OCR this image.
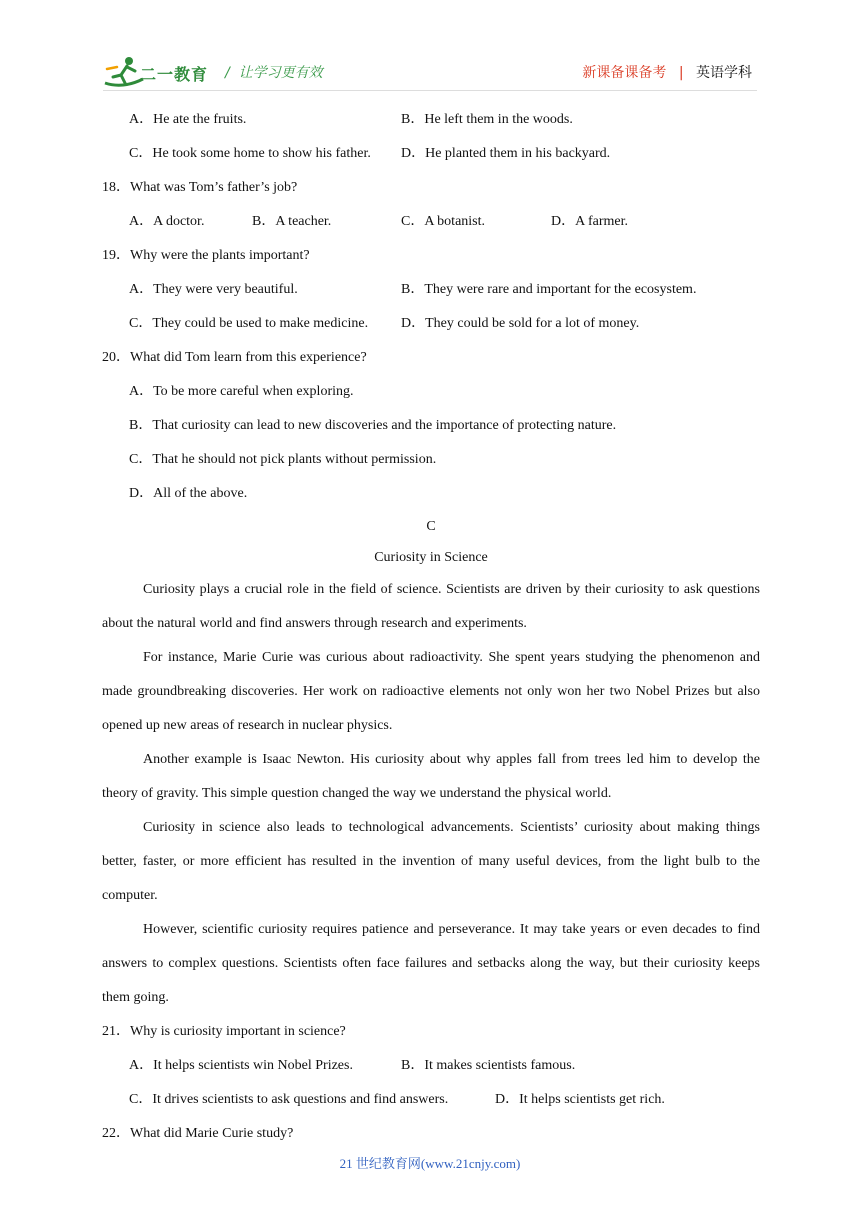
二一教育 /  让学习更有效	新课备课备考 | 英语学科
A．He ate the fruits.	B．He left them in the woods.
C．He took some home to show his father. D．He planted them in his backyard.
18．What was Tom’s father’s job?
A．A doctor.	B．A teacher.	C．A botanist.	D．A farmer.
19．Why were the plants important?
A．They were very beautiful.	B．They were rare and important for the ecosystem.
C．They could be used to make medicine. D．They could be sold for a lot of money.
20．What did Tom learn from this experience?
A．To be more careful when exploring.
B．That curiosity can lead to new discoveries and the importance of protecting nature.
C．That he should not pick plants without permission.
D．All of the above.
C
Curiosity in Science

Curiosity plays a crucial role in the field of science. Scientists are driven by their curiosity to ask questions about the natural world and find answers through research and experiments.

For instance, Marie Curie was curious about radioactivity. She spent years studying the phenomenon and made groundbreaking discoveries. Her work on radioactive elements not only won her two Nobel Prizes but also opened up new areas of research in nuclear physics.

Another example is Isaac Newton. His curiosity about why apples fall from trees led him to develop the theory of gravity. This simple question changed the way we understand the physical world.

Curiosity in science also leads to technological advancements. Scientists’ curiosity about making things better, faster, or more efficient has resulted in the invention of many useful devices, from the light bulb to the computer.

However, scientific curiosity requires patience and perseverance. It may take years or even decades to find answers to complex questions. Scientists often face failures and setbacks along the way, but their curiosity keeps them going.

21．Why is curiosity important in science?
A．It helps scientists win Nobel Prizes.	B．It makes scientists famous.
C．It drives scientists to ask questions and find answers.	D．It helps scientists get rich.
22．What did Marie Curie study?
21 世纪教育网(www.21cnjy.com)
